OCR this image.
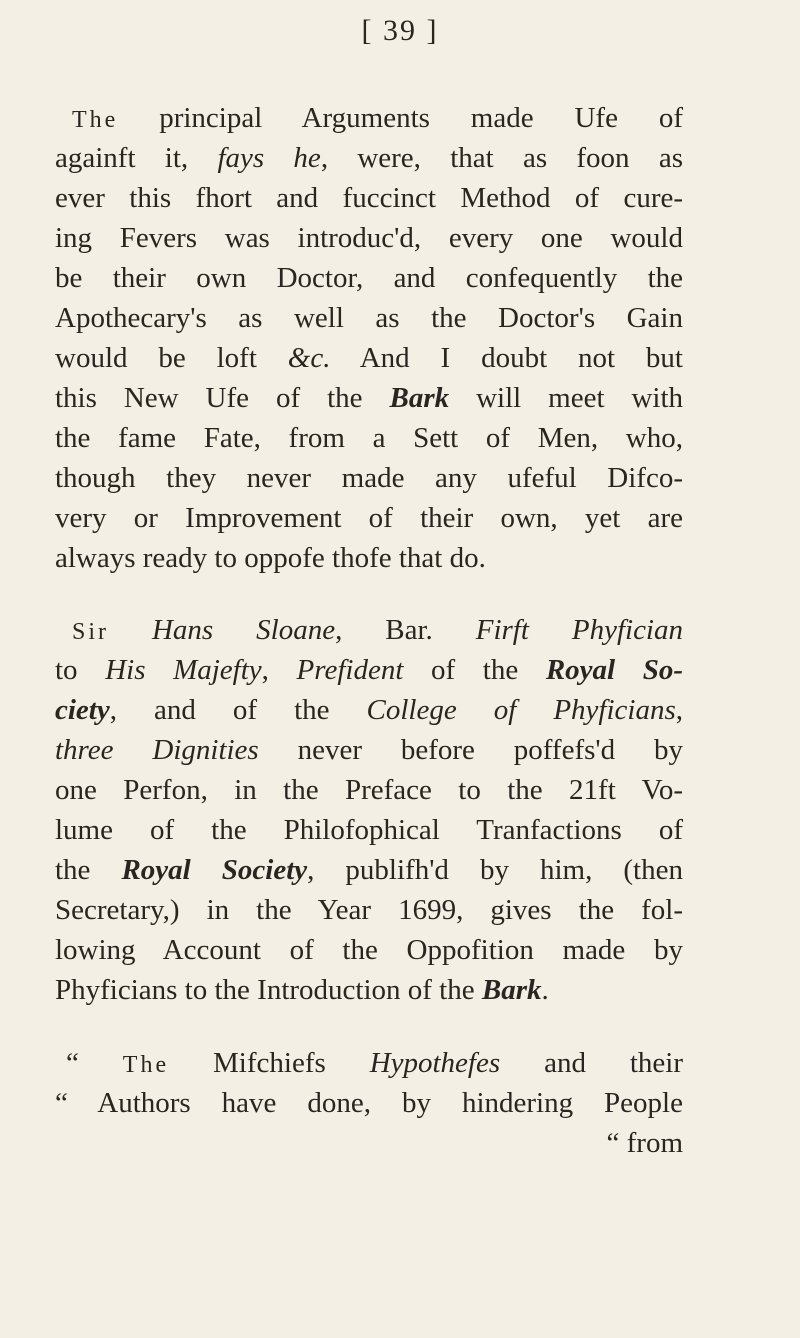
[ 39 ]
The principal Arguments made Ufe of
againft it, fays he, were, that as foon as
ever this fhort and fuccinct Method of cure-
ing Fevers was introduc'd, every one would
be their own Doctor, and confequently the
Apothecary's as well as the Doctor's Gain
would be loft &c. And I doubt not but
this New Ufe of the Bark will meet with
the fame Fate, from a Sett of Men, who,
though they never made any ufeful Difco-
very or Improvement of their own, yet are
always ready to oppofe thofe that do.
Sir Hans Sloane, Bar. Firft Phyfician
to His Majefty, Prefident of the Royal So-
ciety, and of the College of Phyficians,
three Dignities never before poffefs'd by
one Perfon, in the Preface to the 21ft Vo-
lume of the Philofophical Tranfactions of
the Royal Society, publifh'd by him, (then
Secretary,) in the Year 1699, gives the fol-
lowing Account of the Oppofition made by
Phyficians to the Introduction of the Bark.
“ The Mifchiefs Hypothefes and their
“ Authors have done, by hindering People
“ from
